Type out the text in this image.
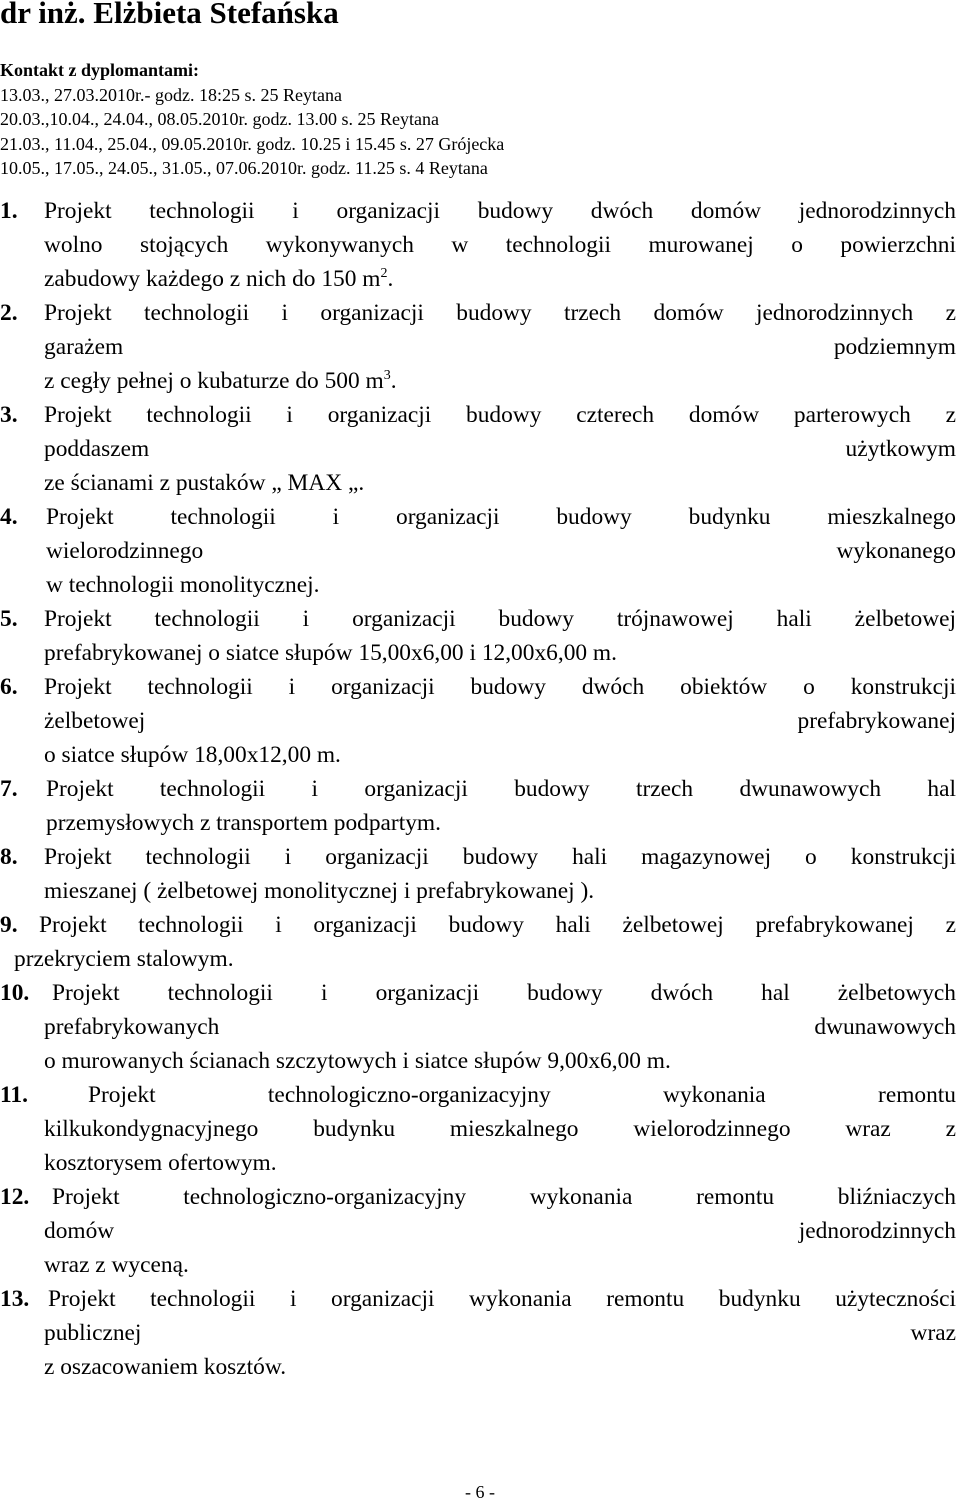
dr inż. Elżbieta Stefańska
Kontakt z dyplomantami:
13.03., 27.03.2010r.- godz. 18:25 s. 25 Reytana
20.03.,10.04., 24.04., 08.05.2010r. godz. 13.00 s. 25 Reytana
21.03., 11.04., 25.04., 09.05.2010r. godz. 10.25 i 15.45 s. 27 Grójecka
10.05., 17.05., 24.05., 31.05., 07.06.2010r. godz. 11.25 s. 4 Reytana
1.	Projekt technologii i organizacji budowy dwóch domów jednorodzinnych
wolno stojących wykonywanych w technologii murowanej o powierzchni
zabudowy każdego z nich do 150 $m^2$.
2.	Projekt technologii i organizacji budowy trzech domów jednorodzinnych z
garażem podziemnym
z cegły pełnej o kubaturze do 500 $m^3$.
3.	Projekt technologii i organizacji budowy czterech domów parterowych z
poddaszem użytkowym
ze ścianami z pustaków „ MAX „.
4.	Projekt technologii i organizacji budowy budynku mieszkalnego
wielorodzinnego wykonanego
w technologii monolitycznej.
5.	Projekt technologii i organizacji budowy trójnawowej hali żelbetowej
prefabrykowanej o siatce słupów 15,00x6,00 i 12,00x6,00 m.
6.	Projekt technologii i organizacji budowy dwóch obiektów o konstrukcji
żelbetowej prefabrykowanej
o siatce słupów 18,00x12,00 m.
7.	Projekt technologii i organizacji budowy trzech dwunawowych hal
przemysłowych z transportem podpartym.
8.	Projekt technologii i organizacji budowy hali magazynowej o konstrukcji
mieszanej ( żelbetowej monolitycznej i prefabrykowanej ).
9. Projekt technologii i organizacji budowy hali żelbetowej prefabrykowanej z
przekryciem stalowym.
10. Projekt technologii i organizacji budowy dwóch hal żelbetowych
prefabrykowanych dwunawowych
o murowanych ścianach szczytowych i siatce słupów 9,00x6,00 m.
11.	Projekt technologiczno-organizacyjny wykonania remontu
kilkukondygnacyjnego budynku mieszkalnego wielorodzinnego wraz z
kosztorysem ofertowym.
12. Projekt technologiczno-organizacyjny wykonania remontu bliźniaczych
domów jednorodzinnych
wraz z wyceną.
13. Projekt technologii i organizacji wykonania remontu budynku użyteczności
publicznej wraz
z oszacowaniem kosztów.
- 6 -
